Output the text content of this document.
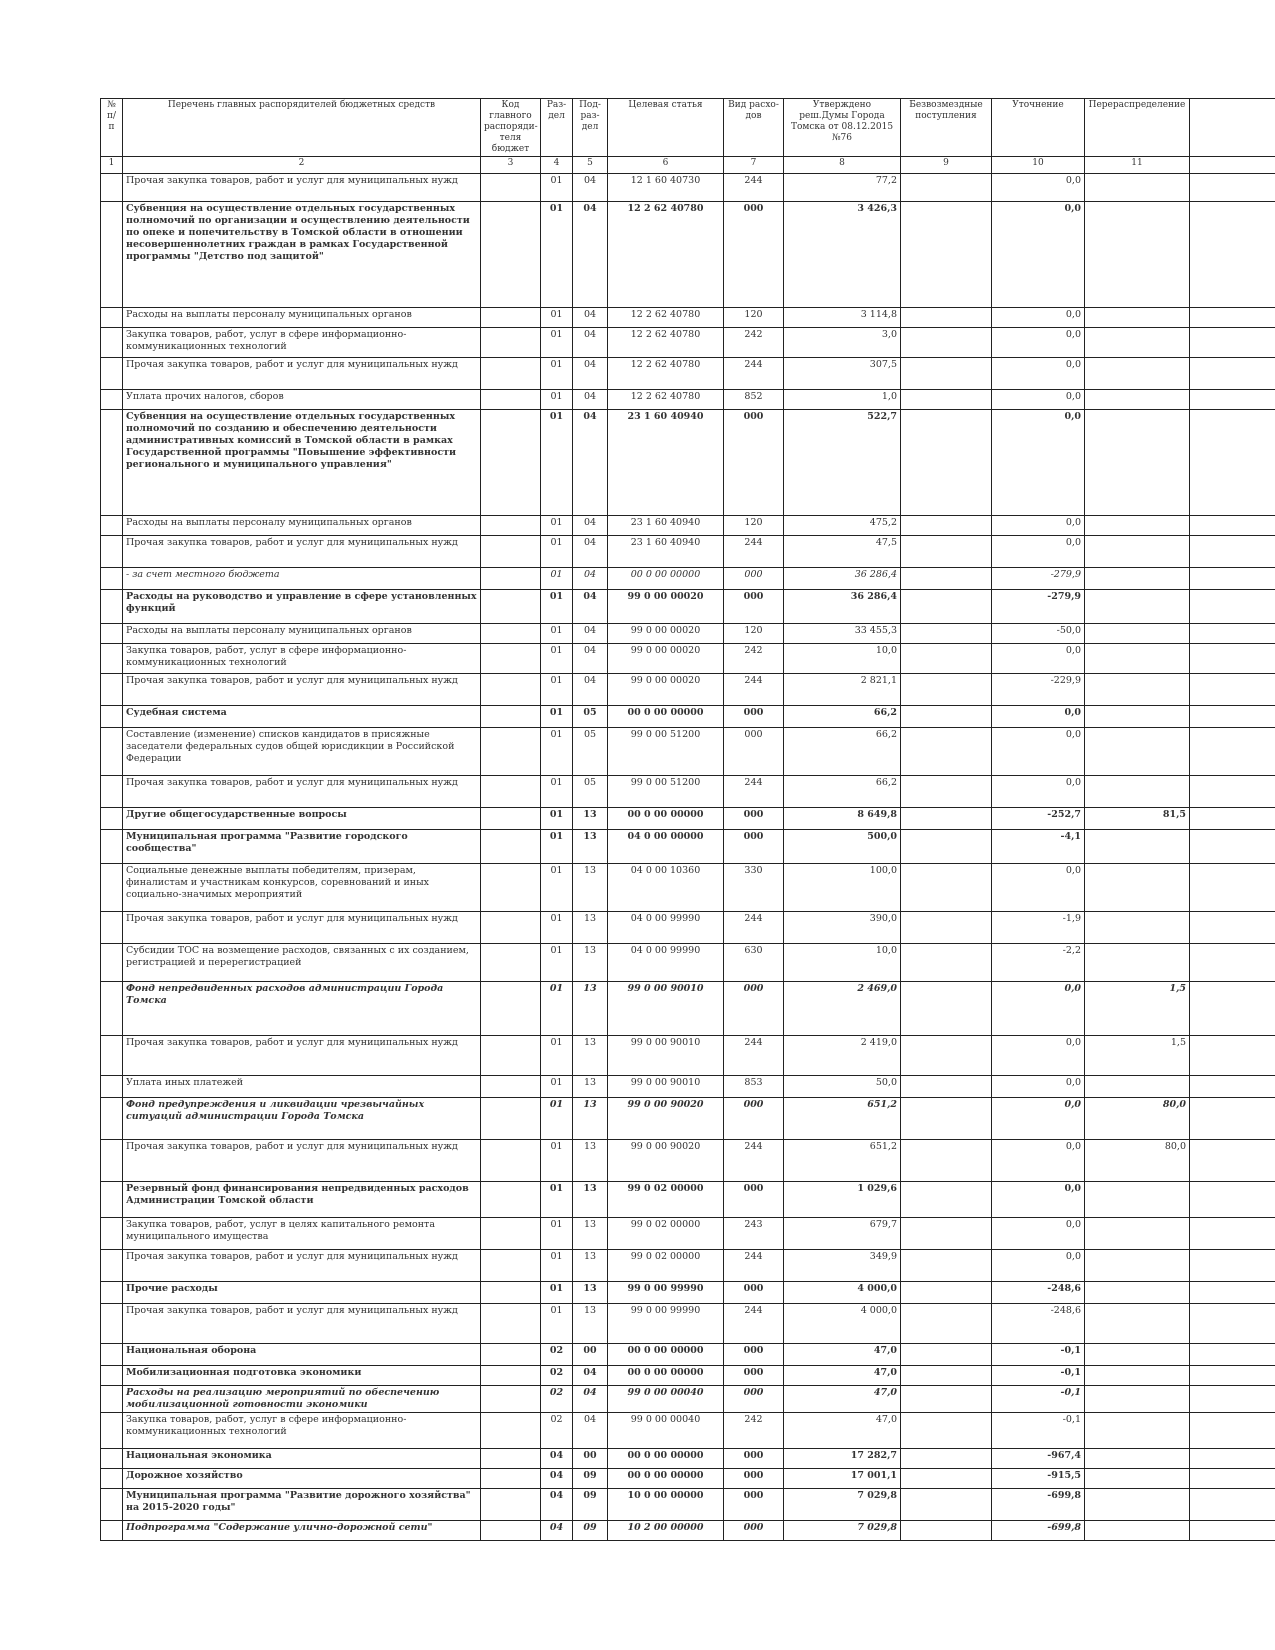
№ п/п	Перечень главных распорядителей бюджетных средств	Код главного распоряди-теля бюджет	Раз-дел	Под-раз-дел	Целевая статья	Вид расхо-дов	Утверждено реш.Думы Города Томска от 08.12.2015 №76	Безвозмездные поступления	Уточнение	Перераспределение	
1	2	3	4	5	6	7	8	9	10	11	
	Прочая закупка товаров, работ и услуг для муниципальных нужд		01	04	12 1 60 40730	244	77,2		0,0		
	Субвенция на осуществление отдельных государственных полномочий по организации и осуществлению деятельности по опеке и попечительству в Томской области в отношении несовершеннолетних граждан в рамках Государственной программы "Детство под защитой"		01	04	12 2 62 40780	000	3 426,3		0,0		
	Расходы на выплаты персоналу муниципальных органов		01	04	12 2 62 40780	120	3 114,8		0,0		
	Закупка товаров, работ, услуг в сфере информационно-коммуникационных технологий		01	04	12 2 62 40780	242	3,0		0,0		
	Прочая закупка товаров, работ и услуг для муниципальных нужд		01	04	12 2 62 40780	244	307,5		0,0		
	Уплата прочих налогов, сборов		01	04	12 2 62 40780	852	1,0		0,0		
	Субвенция на осуществление отдельных государственных полномочий по созданию и обеспечению деятельности административных комиссий в Томской области в рамках Государственной программы "Повышение эффективности регионального и муниципального управления"		01	04	23 1 60 40940	000	522,7		0,0		
	Расходы на выплаты персоналу муниципальных органов		01	04	23 1 60 40940	120	475,2		0,0		
	Прочая закупка товаров, работ и услуг для муниципальных нужд		01	04	23 1 60 40940	244	47,5		0,0		
	- за счет местного бюджета		01	04	00 0 00 00000	000	36 286,4		-279,9		
	Расходы на руководство и управление в сфере установленных функций		01	04	99 0 00 00020	000	36 286,4		-279,9		
	Расходы на выплаты персоналу муниципальных органов		01	04	99 0 00 00020	120	33 455,3		-50,0		
	Закупка товаров, работ, услуг в сфере информационно-коммуникационных технологий		01	04	99 0 00 00020	242	10,0		0,0		
	Прочая закупка товаров, работ и услуг для муниципальных нужд		01	04	99 0 00 00020	244	2 821,1		-229,9		
	Судебная система		01	05	00 0 00 00000	000	66,2		0,0		
	Составление (изменение) списков кандидатов в присяжные заседатели федеральных судов общей юрисдикции в Российской Федерации		01	05	99 0 00 51200	000	66,2		0,0		
	Прочая закупка товаров, работ и услуг для муниципальных нужд		01	05	99 0 00 51200	244	66,2		0,0		
	Другие общегосударственные вопросы		01	13	00 0 00 00000	000	8 649,8		-252,7	81,5	
	Муниципальная программа "Развитие городского сообщества"		01	13	04 0 00 00000	000	500,0		-4,1		
	Социальные денежные выплаты победителям, призерам, финалистам и участникам конкурсов, соревнований и иных социально-значимых мероприятий		01	13	04 0 00 10360	330	100,0		0,0		
	Прочая закупка товаров, работ и услуг для муниципальных нужд		01	13	04 0 00 99990	244	390,0		-1,9		
	Субсидии ТОС на возмещение расходов, связанных с их созданием, регистрацией и перерегистрацией		01	13	04 0 00 99990	630	10,0		-2,2		
	Фонд непредвиденных расходов администрации Города Томска		01	13	99 0 00 90010	000	2 469,0		0,0	1,5	
	Прочая закупка товаров, работ и услуг для муниципальных нужд		01	13	99 0 00 90010	244	2 419,0		0,0	1,5	
	Уплата иных платежей		01	13	99 0 00 90010	853	50,0		0,0		
	Фонд предупреждения и ликвидации чрезвычайных ситуаций администрации Города Томска		01	13	99 0 00 90020	000	651,2		0,0	80,0	
	Прочая закупка товаров, работ и услуг для муниципальных нужд		01	13	99 0 00 90020	244	651,2		0,0	80,0	
	Резервный фонд финансирования непредвиденных расходов Администрации Томской области		01	13	99 0 02 00000	000	1 029,6		0,0		
	Закупка товаров, работ, услуг в целях капитального ремонта муниципального имущества		01	13	99 0 02 00000	243	679,7		0,0		
	Прочая закупка товаров, работ и услуг для муниципальных нужд		01	13	99 0 02 00000	244	349,9		0,0		
	Прочие расходы		01	13	99 0 00 99990	000	4 000,0		-248,6		
	Прочая закупка товаров, работ и услуг для муниципальных нужд		01	13	99 0 00 99990	244	4 000,0		-248,6		
	Национальная оборона		02	00	00 0 00 00000	000	47,0		-0,1		
	Мобилизационная подготовка экономики		02	04	00 0 00 00000	000	47,0		-0,1		
	Расходы на реализацию мероприятий по обеспечению мобилизационной готовности экономики		02	04	99 0 00 00040	000	47,0		-0,1		
	Закупка товаров, работ, услуг в сфере информационно-коммуникационных технологий		02	04	99 0 00 00040	242	47,0		-0,1		
	Национальная экономика		04	00	00 0 00 00000	000	17 282,7		-967,4		
	Дорожное хозяйство		04	09	00 0 00 00000	000	17 001,1		-915,5		
	Муниципальная программа "Развитие дорожного хозяйства" на 2015-2020 годы"		04	09	10 0 00 00000	000	7 029,8		-699,8		
	Подпрограмма "Содержание улично-дорожной сети"		04	09	10 2 00 00000	000	7 029,8		-699,8		
